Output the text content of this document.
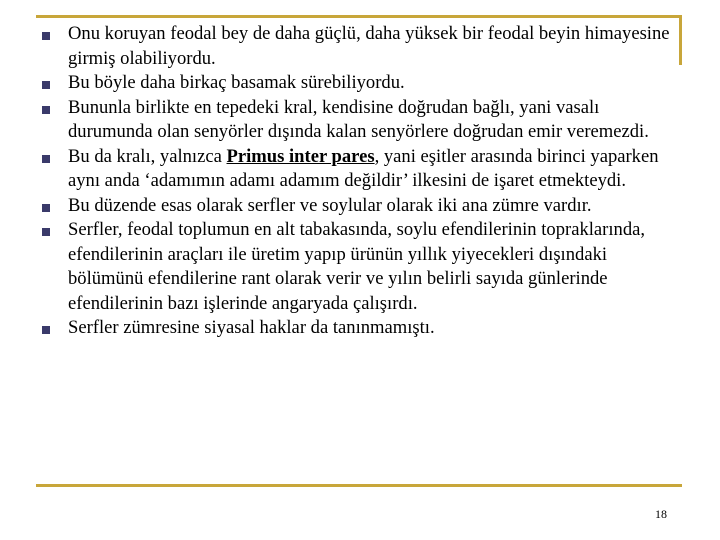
Onu koruyan feodal bey de daha güçlü, daha yüksek bir feodal beyin himayesine girmiş olabiliyordu.
Bu böyle daha birkaç basamak sürebiliyordu.
Bununla birlikte en tepedeki kral, kendisine doğrudan bağlı, yani vasalı durumunda olan senyörler dışında kalan senyörlere doğrudan emir veremezdi.
Bu da kralı, yalnızca Primus inter pares, yani eşitler arasında birinci yaparken aynı anda ‘adamımın adamı adamım değildir’ ilkesini de işaret etmekteydi.
Bu düzende esas olarak serfler ve soylular olarak iki ana zümre vardır.
Serfler, feodal toplumun en alt tabakasında, soylu efendilerinin topraklarında, efendilerinin araçları ile üretim yapıp ürünün yıllık yiyecekleri dışındaki bölümünü efendilerine rant olarak verir ve yılın belirli sayıda günlerinde efendilerinin bazı işlerinde angaryada çalışırdı.
Serfler zümresine siyasal haklar da tanınmamıştı.
18
